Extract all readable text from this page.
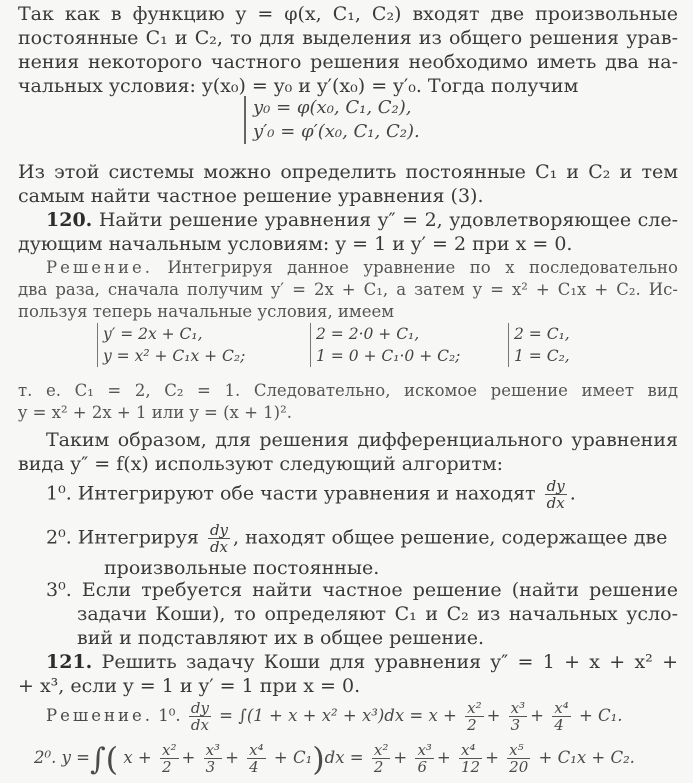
Так как в функцию y = φ(x, C₁, C₂) входят две произвольные
постоянные C₁ и C₂, то для выделения из общего решения урав-
нения некоторого частного решения необходимо иметь два на-
чальных условия: y(x₀) = y₀ и y′(x₀) = y′₀. Тогда получим
y₀ = φ(x₀, C₁, C₂),
y′₀ = φ′(x₀, C₁, C₂).
Из этой системы можно определить постоянные C₁ и C₂ и тем
самым найти частное решение уравнения (3).
120. Найти решение уравнения y″ = 2, удовлетворяющее сле-
дующим начальным условиям: y = 1 и y′ = 2 при x = 0.
Решение. Интегрируя данное уравнение по x последовательно
два раза, сначала получим y′ = 2x + C₁, а затем y = x² + C₁x + C₂. Ис-
пользуя теперь начальные условия, имеем
y′ = 2x + C₁,
y = x² + C₁x + C₂;
2 = 2·0 + C₁,
1 = 0 + C₁·0 + C₂;
2 = C₁,
1 = C₂,
т. е. C₁ = 2, C₂ = 1. Следовательно, искомое решение имеет вид
y = x² + 2x + 1 или y = (x + 1)².
Таким образом, для решения дифференциального уравнения
вида y″ = f(x) используют следующий алгоритм:
1⁰. Интегрируют обе части уравнения и находят $\frac{dy}{dx}$ .
2⁰. Интегрируя $\frac{dy}{dx}$ , находят общее решение, содержащее две
произвольные постоянные.
3⁰. Если требуется найти частное решение (найти решение
задачи Коши), то определяют C₁ и C₂ из начальных усло-
вий и подставляют их в общее решение.
121. Решить задачу Коши для уравнения y″ = 1 + x + x² +
+ x³, если y = 1 и y′ = 1 при x = 0.
Решение. 1⁰. $\frac{dy}{dx} = \int(1 + x + x^2 + x^3)dx = x + \frac{\text{x²}}{2} + \frac{\text{x³}}{3} + \frac{\text{x⁴}}{4} + C_1$.
2⁰. y =∫( $x + \frac{\text{x²}}{2} + \frac{\text{x³}}{3} + \frac{\text{x⁴}}{4} + C_1)dx = \frac{\text{x²}}{2} + \frac{\text{x³}}{6} + \frac{\text{x⁴}}{12} + \frac{\text{x⁵}}{20} + C_1x + C_2$.
